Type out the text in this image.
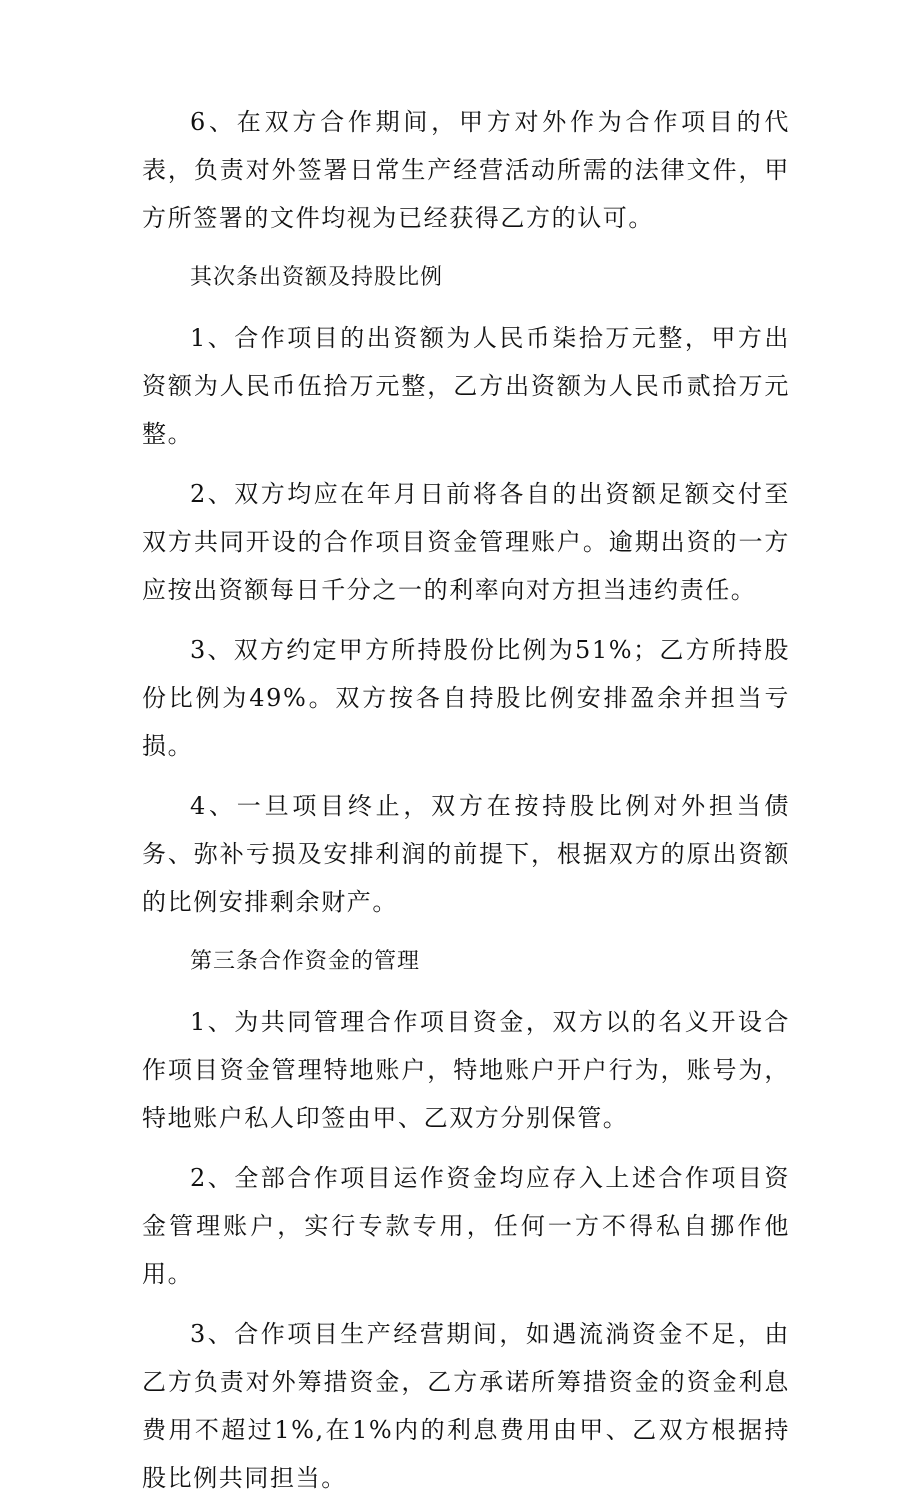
6、在双方合作期间，甲方对外作为合作项目的代表，负责对外签署日常生产经营活动所需的法律文件，甲方所签署的文件均视为已经获得乙方的认可。

其次条出资额及持股比例

1、合作项目的出资额为人民币柒拾万元整，甲方出资额为人民币伍拾万元整，乙方出资额为人民币贰拾万元整。

2、双方均应在年月日前将各自的出资额足额交付至双方共同开设的合作项目资金管理账户。逾期出资的一方应按出资额每日千分之一的利率向对方担当违约责任。

3、双方约定甲方所持股份比例为51%；乙方所持股份比例为49%。双方按各自持股比例安排盈余并担当亏损。

4、一旦项目终止，双方在按持股比例对外担当债务、弥补亏损及安排利润的前提下，根据双方的原出资额的比例安排剩余财产。

第三条合作资金的管理

1、为共同管理合作项目资金，双方以的名义开设合作项目资金管理特地账户，特地账户开户行为，账号为，特地账户私人印签由甲、乙双方分别保管。

2、全部合作项目运作资金均应存入上述合作项目资金管理账户，实行专款专用，任何一方不得私自挪作他用。

3、合作项目生产经营期间，如遇流淌资金不足，由乙方负责对外筹措资金，乙方承诺所筹措资金的资金利息费用不超过1%,在1%内的利息费用由甲、乙双方根据持股比例共同担当。
